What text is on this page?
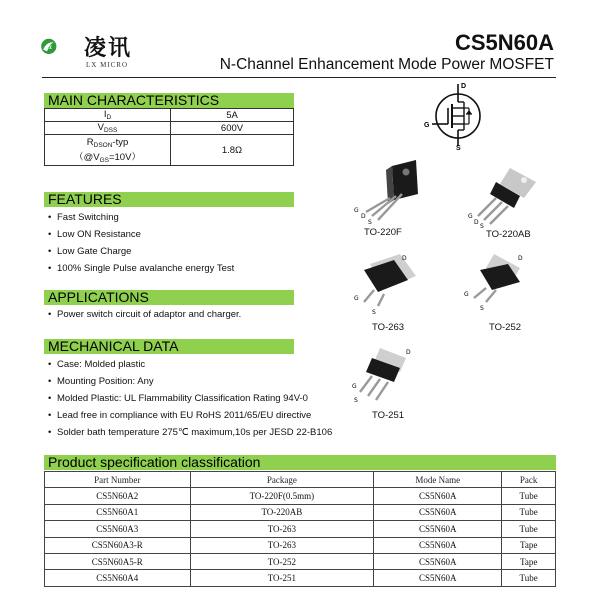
LX 凌讯
LX MICRO
CS5N60A
N-Channel Enhancement Mode Power MOSFET
MAIN CHARACTERISTICS
$I_D$	5A
$V_{DSS}$	600V

$R_{DSON}$-typ
$(@V_{GS}=10V)$	1.8Ω
FEATURES
• Fast Switching
• Low ON Resistance
• Low Gate Charge
• 100% Single Pulse avalanche energy Test
APPLICATIONS
• Power switch circuit of adaptor and charger.
MECHANICAL DATA
• Case: Molded plastic
• Mounting Position: Any
• Molded Plastic: UL Flammability Classification Rating 94V-0
• Lead free in compliance with EU RoHS 2011/65/EU directive
• Solder bath temperature 275℃ maximum,10s per JESD 22-B106
D
G
S
G
D
S
TO-220F
G
D
S
TO-220AB
D
G
S
TO-263
D
G
S
TO-252
D
G
S
TO-251
Product specification classification
Part Number	Package	Mode Name	Pack
CS5N60A2	TO-220F(0.5mm)	CS5N60A	Tube
CS5N60A1	TO-220AB	CS5N60A	Tube
CS5N60A3	TO-263	CS5N60A	Tube
CS5N60A3-R	TO-263	CS5N60A	Tape
CS5N60A5-R	TO-252	CS5N60A	Tape
CS5N60A4	TO-251	CS5N60A	Tube
